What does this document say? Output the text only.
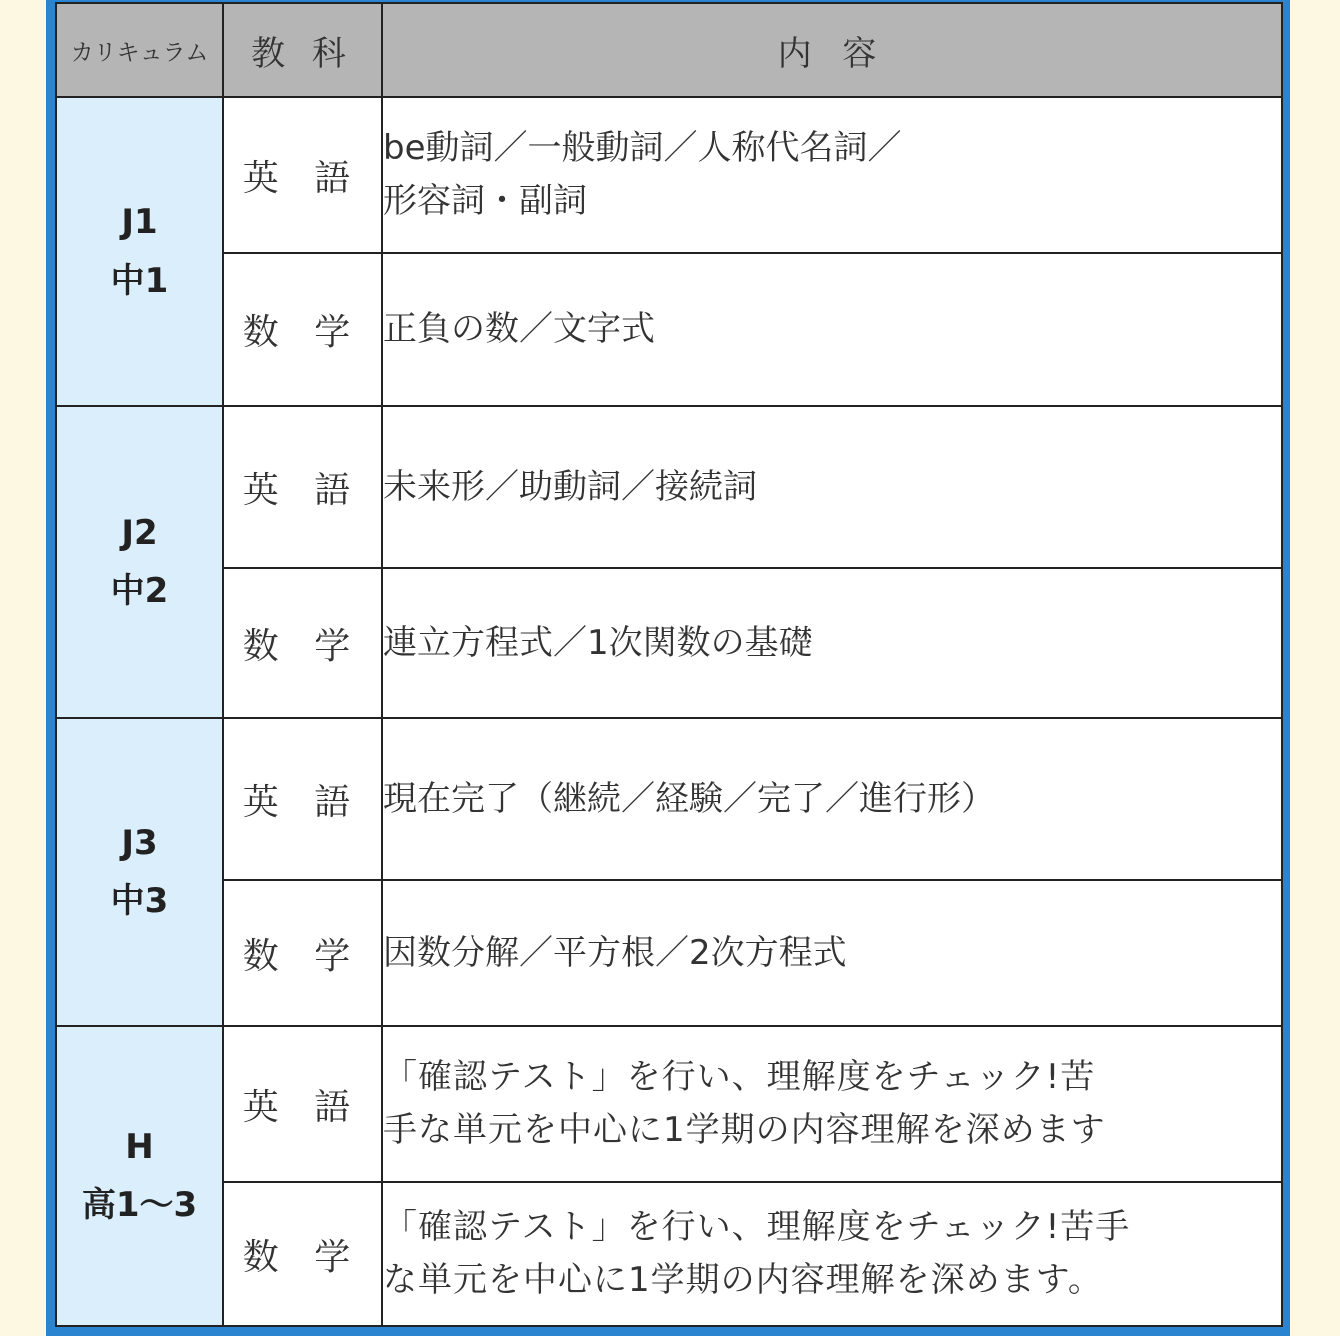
カリキュラム	教 科	内 容

J1
中1	英 語	be動詞／一般動詞／人称代名詞／
形容詞・副詞

	数 学	正負の数／文字式

J2
中2	英 語	未来形／助動詞／接続詞

	数 学	連立方程式／1次関数の基礎

J3
中3	英 語	現在完了（継続／経験／完了／進行形）

	数 学	因数分解／平方根／2次方程式

H
高1〜3	英 語	「確認テスト」を行い、理解度をチェック!苦
手な単元を中心に1学期の内容理解を深めます

	数 学	「確認テスト」を行い、理解度をチェック!苦手
な単元を中心に1学期の内容理解を深めます。
